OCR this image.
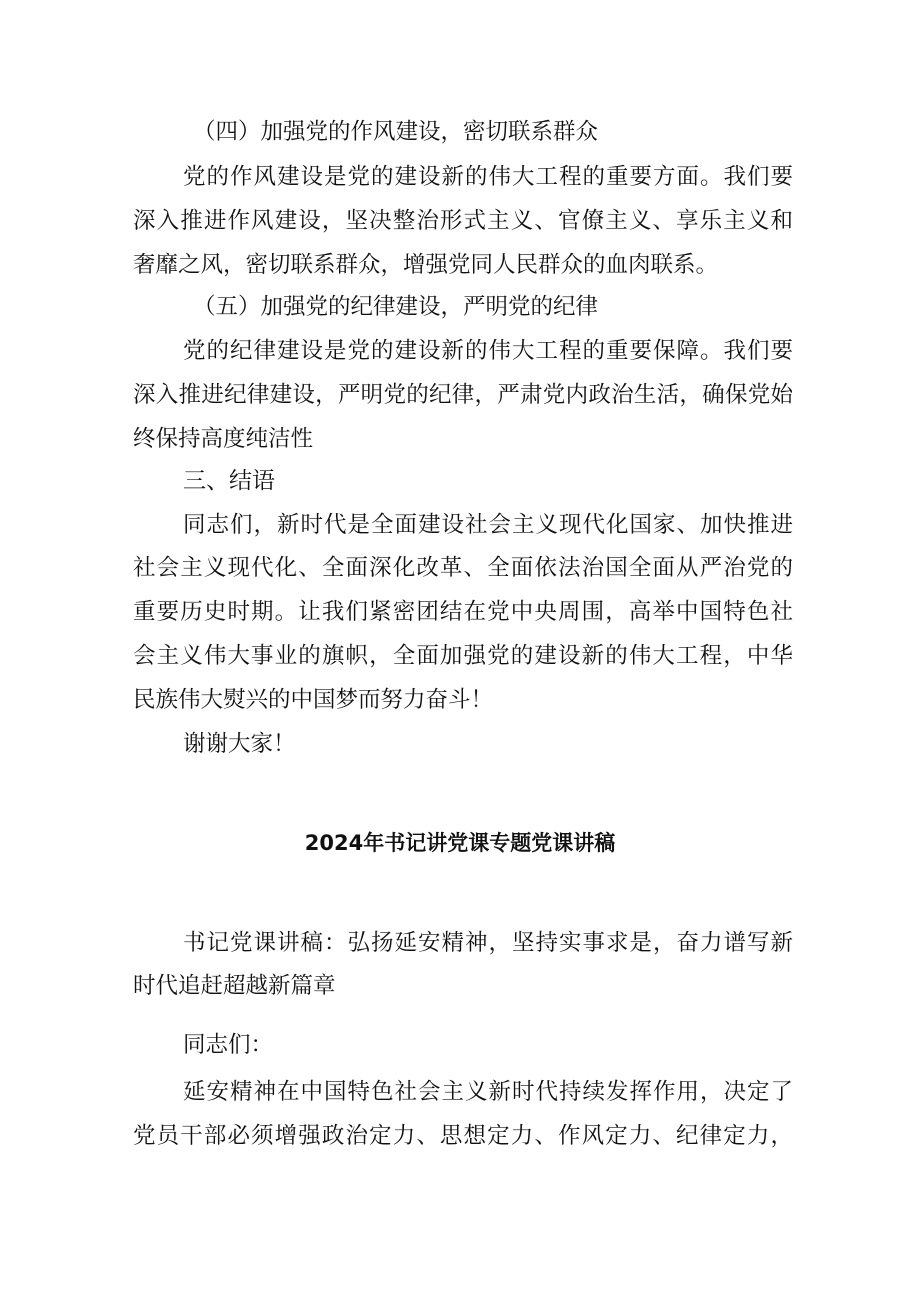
（四）加强党的作风建设，密切联系群众
党的作风建设是党的建设新的伟大工程的重要方面。我们要
深入推进作风建设，坚决整治形式主义、官僚主义、享乐主义和
奢靡之风，密切联系群众，增强党同人民群众的血肉联系。
（五）加强党的纪律建设，严明党的纪律
党的纪律建设是党的建设新的伟大工程的重要保障。我们要
深入推进纪律建设，严明党的纪律，严肃党内政治生活，确保党始
终保持高度纯洁性
三、结语
同志们，新时代是全面建设社会主义现代化国家、加快推进
社会主义现代化、全面深化改革、全面依法治国全面从严治党的
重要历史时期。让我们紧密团结在党中央周围，高举中国特色社
会主义伟大事业的旗帜，全面加强党的建设新的伟大工程，中华
民族伟大熨兴的中国梦而努力奋斗！
谢谢大家！
2024年书记讲党课专题党课讲稿
书记党课讲稿：弘扬延安精神，坚持实事求是，奋力谱写新
时代追赶超越新篇章
同志们：
延安精神在中国特色社会主义新时代持续发挥作用，决定了
党员干部必须增强政治定力、思想定力、作风定力、纪律定力，
